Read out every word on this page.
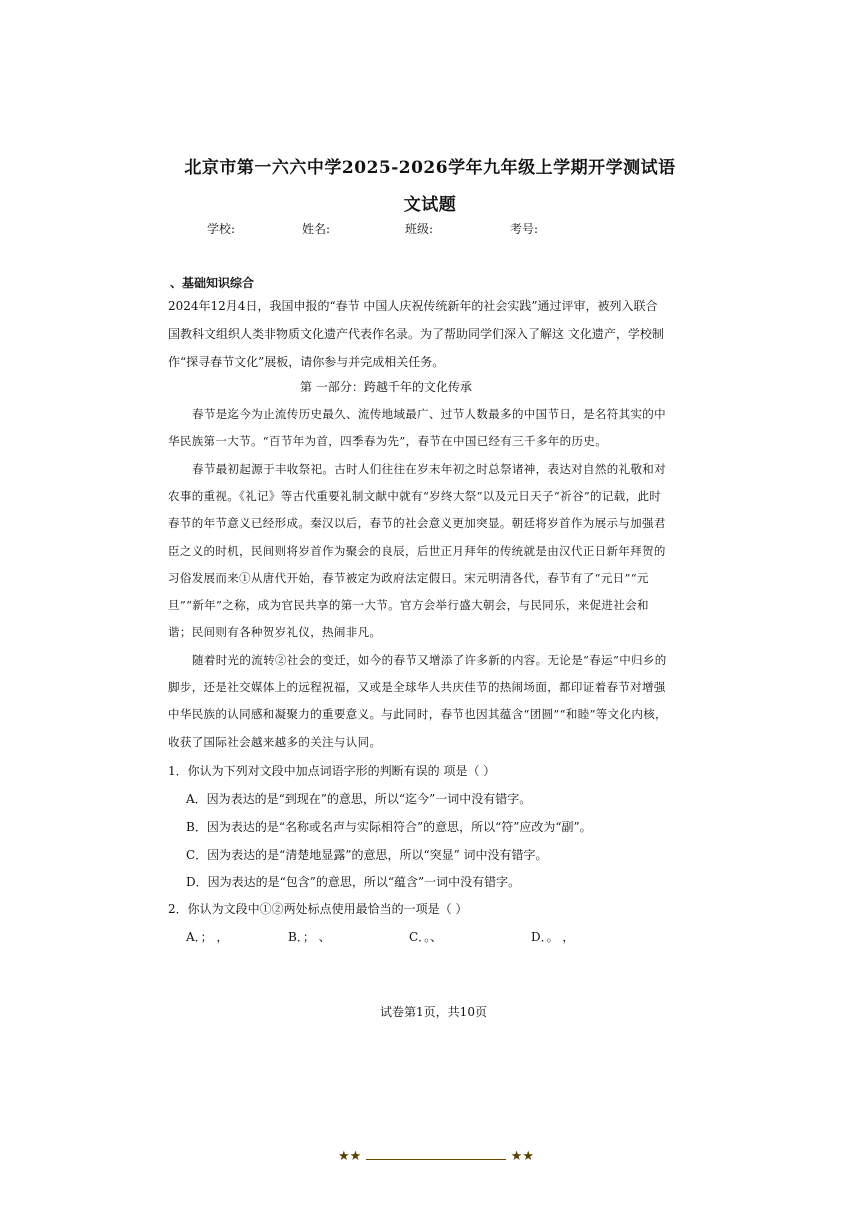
北京市第一六六中学2025-2026学年九年级上学期开学测试语
文试题
学校:	姓名:	班级:	考号:
、基础知识综合
2024年12月4日，我国申报的“春节 中国人庆祝传统新年的社会实践”通过评审，被列入联合国教科文组织人类非物质文化遗产代表作名录。为了帮助同学们深入了解这 文化遗产，学校制作“探寻春节文化”展板，请你参与并完成相关任务。
第 一部分：跨越千年的文化传承
春节是迄今为止流传历史最久、流传地域最广、过节人数最多的中国节日，是名符其实的中华民族第一大节。“百节年为首，四季春为先”，春节在中国已经有三千多年的历史。
春节最初起源于丰收祭祀。古时人们往往在岁末年初之时总祭诸神，表达对自然的礼敬和对农事的重视。《礼记》等古代重要礼制文献中就有“岁终大祭”以及元日天子“祈谷”的记载，此时春节的年节意义已经形成。秦汉以后，春节的社会意义更加突显。朝廷将岁首作为展示与加强君臣之义的时机，民间则将岁首作为聚会的良辰，后世正月拜年的传统就是由汉代正日新年拜贺的习俗发展而来①从唐代开始，春节被定为政府法定假日。宋元明清各代，春节有了“元日”“元旦”“新年”之称，成为官民共享的第一大节。官方会举行盛大朝会，与民同乐，来促进社会和谐；民间则有各种贺岁礼仪，热闹非凡。
随着时光的流转②社会的变迁，如今的春节又增添了许多新的内容。无论是“春运”中归乡的脚步，还是社交媒体上的远程祝福，又或是全球华人共庆佳节的热闹场面，都印证着春节对增强中华民族的认同感和凝聚力的重要意义。与此同时，春节也因其蕴含“团圆”“和睦”等文化内核，收获了国际社会越来越多的关注与认同。
1．你认为下列对文段中加点词语字形的判断有误的 项是（ ）
A．因为表达的是“到现在”的意思，所以“迄今”一词中没有错字。
B．因为表达的是“名称或名声与实际相符合”的意思，所以“符”应改为“副”。
C．因为表达的是“清楚地显露”的意思，所以“突显” 词中没有错字。
D．因为表达的是“包含”的意思，所以“蕴含”一词中没有错字。
2．你认为文段中①②两处标点使用最恰当的一项是（ ）
A．； ，	B．； 、	C．。、	D．。 ，
试卷第1页，共10页
★★	★★
